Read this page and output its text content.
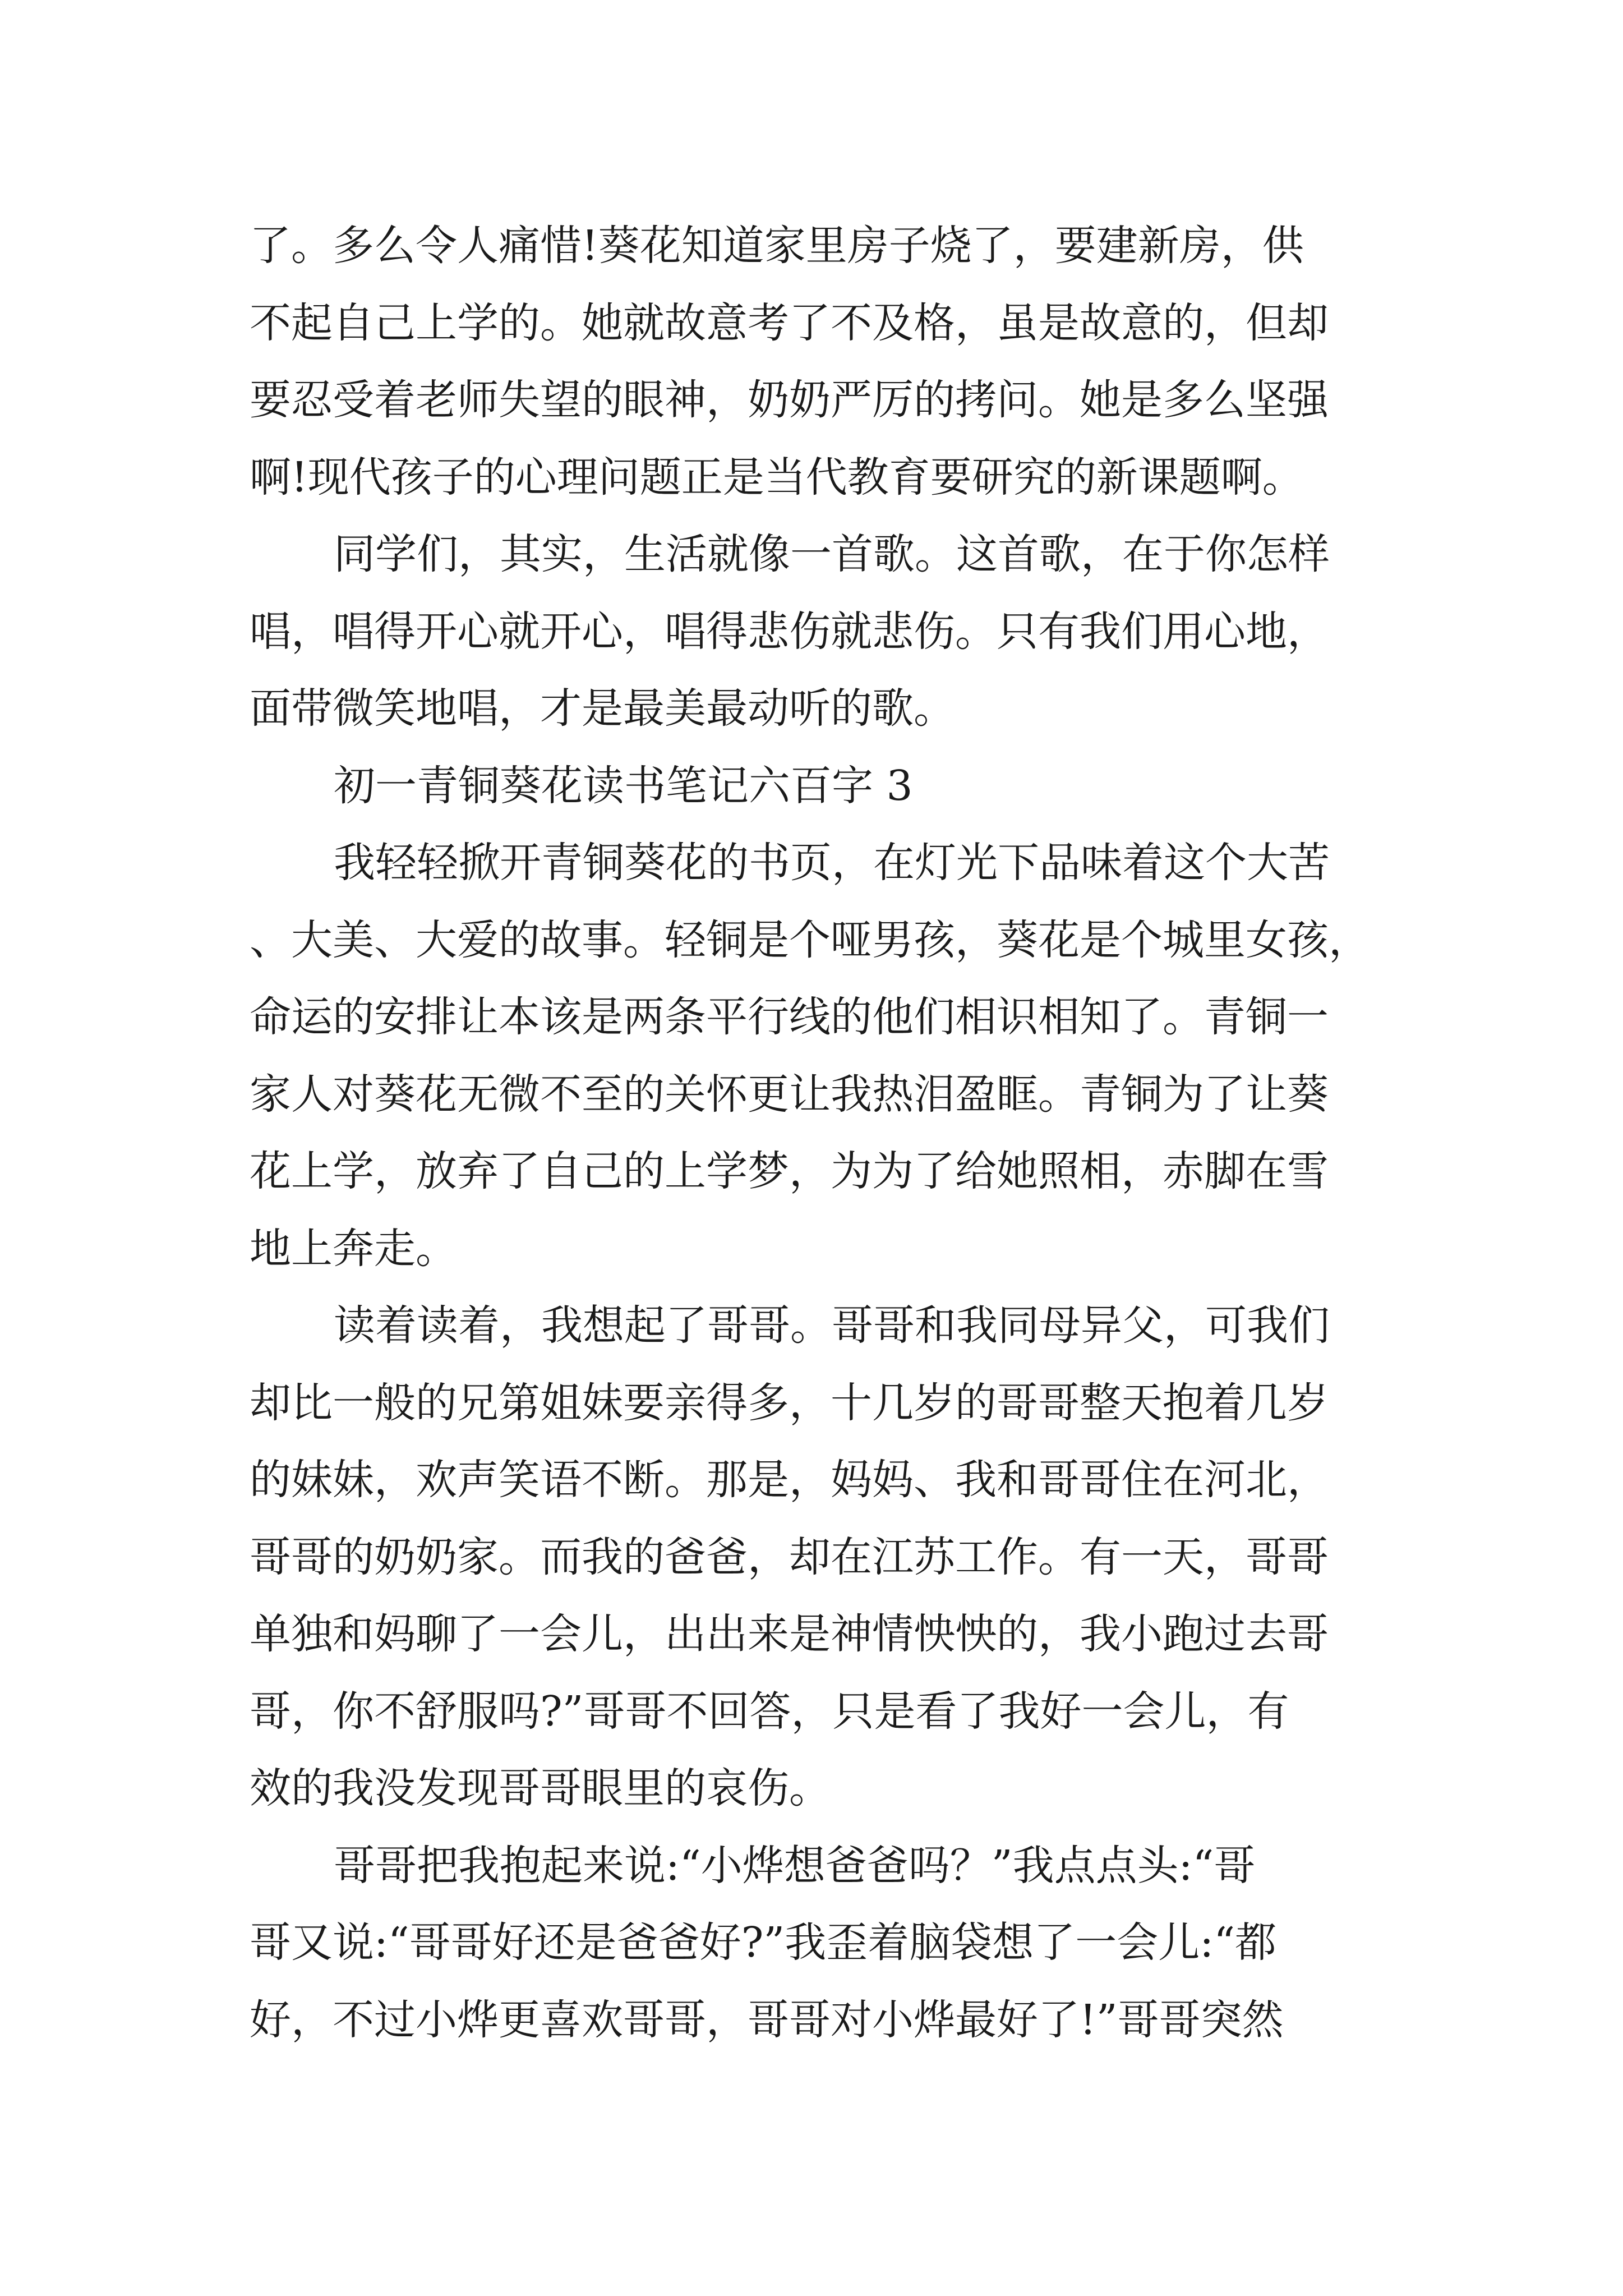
了。多么令人痛惜!葵花知道家里房子烧了，要建新房，供
不起自己上学的。她就故意考了不及格，虽是故意的，但却
要忍受着老师失望的眼神，奶奶严厉的拷问。她是多么坚强
啊!现代孩子的心理问题正是当代教育要研究的新课题啊。
同学们，其实，生活就像一首歌。这首歌，在于你怎样
唱，唱得开心就开心，唱得悲伤就悲伤。只有我们用心地，
面带微笑地唱，才是最美最动听的歌。
初一青铜葵花读书笔记六百字 3
我轻轻掀开青铜葵花的书页，在灯光下品味着这个大苦
、大美、大爱的故事。轻铜是个哑男孩，葵花是个城里女孩，
命运的安排让本该是两条平行线的他们相识相知了。青铜一
家人对葵花无微不至的关怀更让我热泪盈眶。青铜为了让葵
花上学，放弃了自己的上学梦，为为了给她照相，赤脚在雪
地上奔走。
读着读着，我想起了哥哥。哥哥和我同母异父，可我们
却比一般的兄第姐妹要亲得多，十几岁的哥哥整天抱着几岁
的妹妹，欢声笑语不断。那是，妈妈、我和哥哥住在河北，
哥哥的奶奶家。而我的爸爸，却在江苏工作。有一天，哥哥
单独和妈聊了一会儿，出出来是神情怏怏的，我小跑过去哥
哥，你不舒服吗?”哥哥不回答，只是看了我好一会儿，有
效的我没发现哥哥眼里的哀伤。
哥哥把我抱起来说:“小烨想爸爸吗？”我点点头:“哥
哥又说:“哥哥好还是爸爸好?”我歪着脑袋想了一会儿:“都
好，不过小烨更喜欢哥哥，哥哥对小烨最好了!”哥哥突然
